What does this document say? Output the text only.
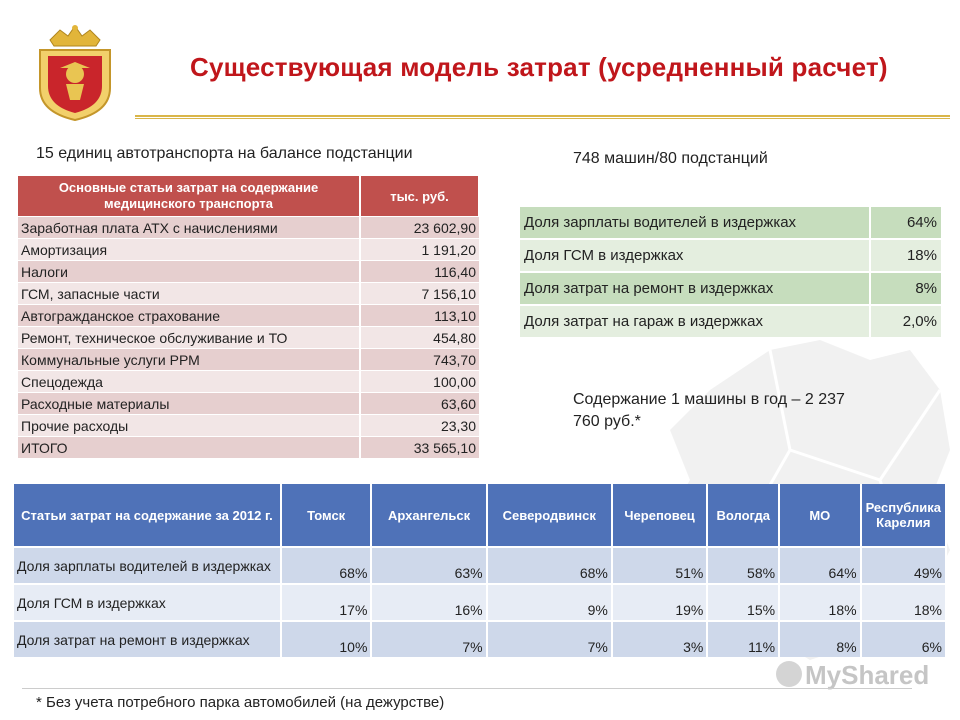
Существующая модель затрат (усредненный расчет)
15 единиц автотранспорта на балансе подстанции	748 машин/80 подстанций
Основные статьи затрат на содержание медицинского транспорта	тыс. руб.
Заработная плата АТХ с начислениями	23 602,90
Амортизация	1 191,20
Налоги	116,40
ГСМ, запасные части	7 156,10
Автогражданское страхование	113,10
Ремонт, техническое обслуживание и ТО	454,80
Коммунальные услуги РРМ	743,70
Спецодежда	100,00
Расходные материалы	63,60
Прочие расходы	23,30
ИТОГО	33 565,10
Доля зарплаты водителей в издержках	64%
Доля ГСМ в издержках	18%
Доля затрат на ремонт в издержках	8%
Доля затрат на гараж в издержках	2,0%
Содержание 1 машины в год – 2 237 760 руб.*
Статьи затрат на содержание за 2012 г.	Томск	Архангельск	Северодвинск	Череповец	Вологда	МО	Республика Карелия
Доля зарплаты водителей в издержках	68%	63%	68%	51%	58%	64%	49%
Доля ГСМ в издержках	17%	16%	9%	19%	15%	18%	18%
Доля затрат на ремонт в издержках	10%	7%	7%	3%	11%	8%	6%
MyShared
* Без учета потребного парка автомобилей (на дежурстве)
